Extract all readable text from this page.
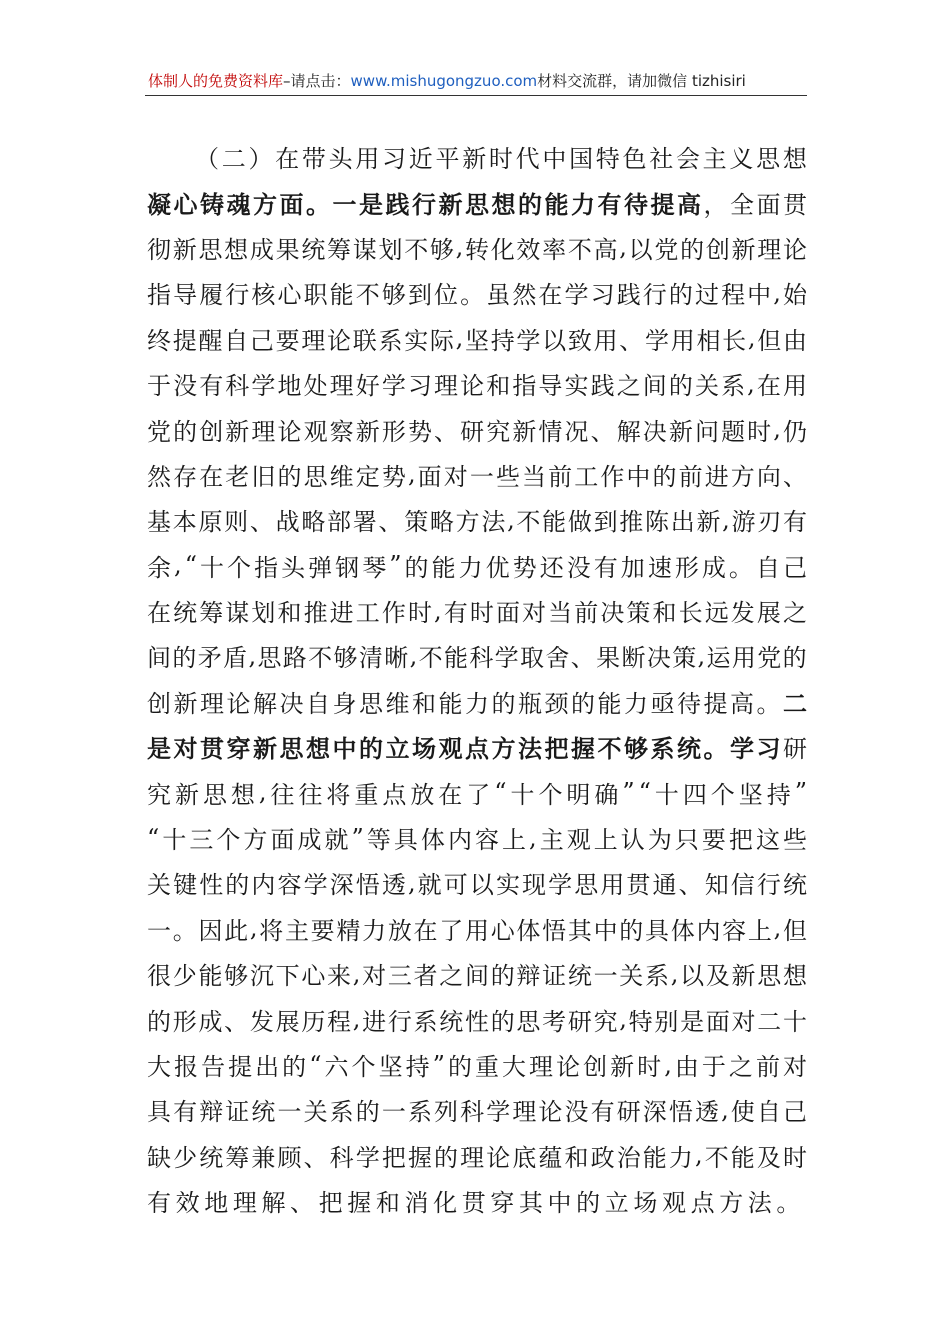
体制人的免费资料库 –请点击： www.mishugongzuo.com 材料交流群，请加微信 tizhisiri
（ 二 ） 在 带 头 用 习 近 平 新 时 代 中 国 特 色 社 会 主 义 思 想
凝 心 铸 魂 方 面 。 一 是 践 行 新 思 想 的 能 力 有 待 提 高 ， 全 面 贯
彻 新 思 想 成 果 统 筹 谋 划 不 够 , 转 化 效 率 不 高 , 以 党 的 创 新 理 论
指 导 履 行 核 心 职 能 不 够 到 位 。 虽 然 在 学 习 践 行 的 过 程 中 , 始
终 提 醒 自 己 要 理 论 联 系 实 际 , 坚 持 学 以 致 用 、 学 用 相 长 , 但 由
于 没 有 科 学 地 处 理 好 学 习 理 论 和 指 导 实 践 之 间 的 关 系 , 在 用
党 的 创 新 理 论 观 察 新 形 势 、 研 究 新 情 况 、 解 决 新 问 题 时 , 仍
然 存 在 老 旧 的 思 维 定 势 , 面 对 一 些 当 前 工 作 中 的 前 进 方 向 、
基 本 原 则 、 战 略 部 署 、 策 略 方 法 , 不 能 做 到 推 陈 出 新 , 游 刃 有
余 , “ 十 个 指 头 弹 钢 琴 ” 的 能 力 优 势 还 没 有 加 速 形 成 。 自 己
在 统 筹 谋 划 和 推 进 工 作 时 , 有 时 面 对 当 前 决 策 和 长 远 发 展 之
间 的 矛 盾 , 思 路 不 够 清 晰 , 不 能 科 学 取 舍 、 果 断 决 策 , 运 用 党 的
创 新 理 论 解 决 自 身 思 维 和 能 力 的 瓶 颈 的 能 力 亟 待 提 高 。 二
是 对 贯 穿 新 思 想 中 的 立 场 观 点 方 法 把 握 不 够 系 统 。 学 习 研
究 新 思 想 , 往 往 将 重 点 放 在 了 “ 十 个 明 确 ” “ 十 四 个 坚 持 ”
“ 十 三 个 方 面 成 就 ” 等 具 体 内 容 上 , 主 观 上 认 为 只 要 把 这 些
关 键 性 的 内 容 学 深 悟 透 , 就 可 以 实 现 学 思 用 贯 通 、 知 信 行 统
一 。 因 此 , 将 主 要 精 力 放 在 了 用 心 体 悟 其 中 的 具 体 内 容 上 , 但
很 少 能 够 沉 下 心 来 , 对 三 者 之 间 的 辩 证 统 一 关 系 , 以 及 新 思 想
的 形 成 、 发 展 历 程 , 进 行 系 统 性 的 思 考 研 究 , 特 别 是 面 对 二 十
大 报 告 提 出 的 “ 六 个 坚 持 ” 的 重 大 理 论 创 新 时 , 由 于 之 前 对
具 有 辩 证 统 一 关 系 的 一 系 列 科 学 理 论 没 有 研 深 悟 透 , 使 自 己
缺 少 统 筹 兼 顾 、 科 学 把 握 的 理 论 底 蕴 和 政 治 能 力 , 不 能 及 时
有 效 地 理 解 、 把 握 和 消 化 贯 穿 其 中 的 立 场 观 点 方 法 。
